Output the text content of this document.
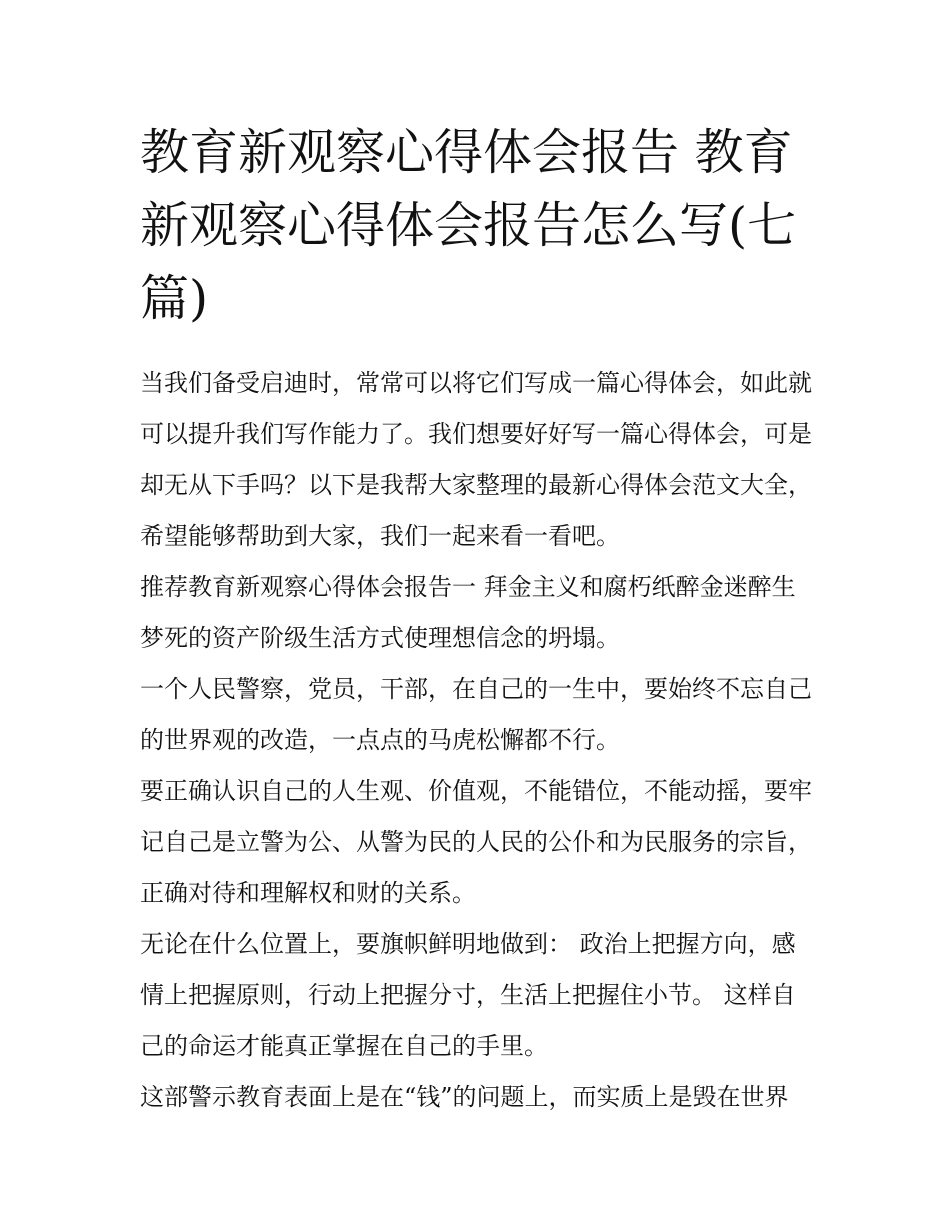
教育新观察心得体会报告 教育新观察心得体会报告怎么写(七篇)

当我们备受启迪时，常常可以将它们写成一篇心得体会，如此就可以提升我们写作能力了。我们想要好好写一篇心得体会，可是却无从下手吗？以下是我帮大家整理的最新心得体会范文大全，希望能够帮助到大家，我们一起来看一看吧。

推荐教育新观察心得体会报告一 拜金主义和腐朽纸醉金迷醉生梦死的资产阶级生活方式使理想信念的坍塌。

一个人民警察，党员，干部，在自己的一生中，要始终不忘自己的世界观的改造，一点点的马虎松懈都不行。

要正确认识自己的人生观、价值观，不能错位，不能动摇，要牢记自己是立警为公、从警为民的人民的公仆和为民服务的宗旨，正确对待和理解权和财的关系。

无论在什么位置上，要旗帜鲜明地做到： 政治上把握方向，感情上把握原则，行动上把握分寸，生活上把握住小节。 这样自己的命运才能真正掌握在自己的手里。

这部警示教育表面上是在“钱”的问题上，而实质上是毁在世界
